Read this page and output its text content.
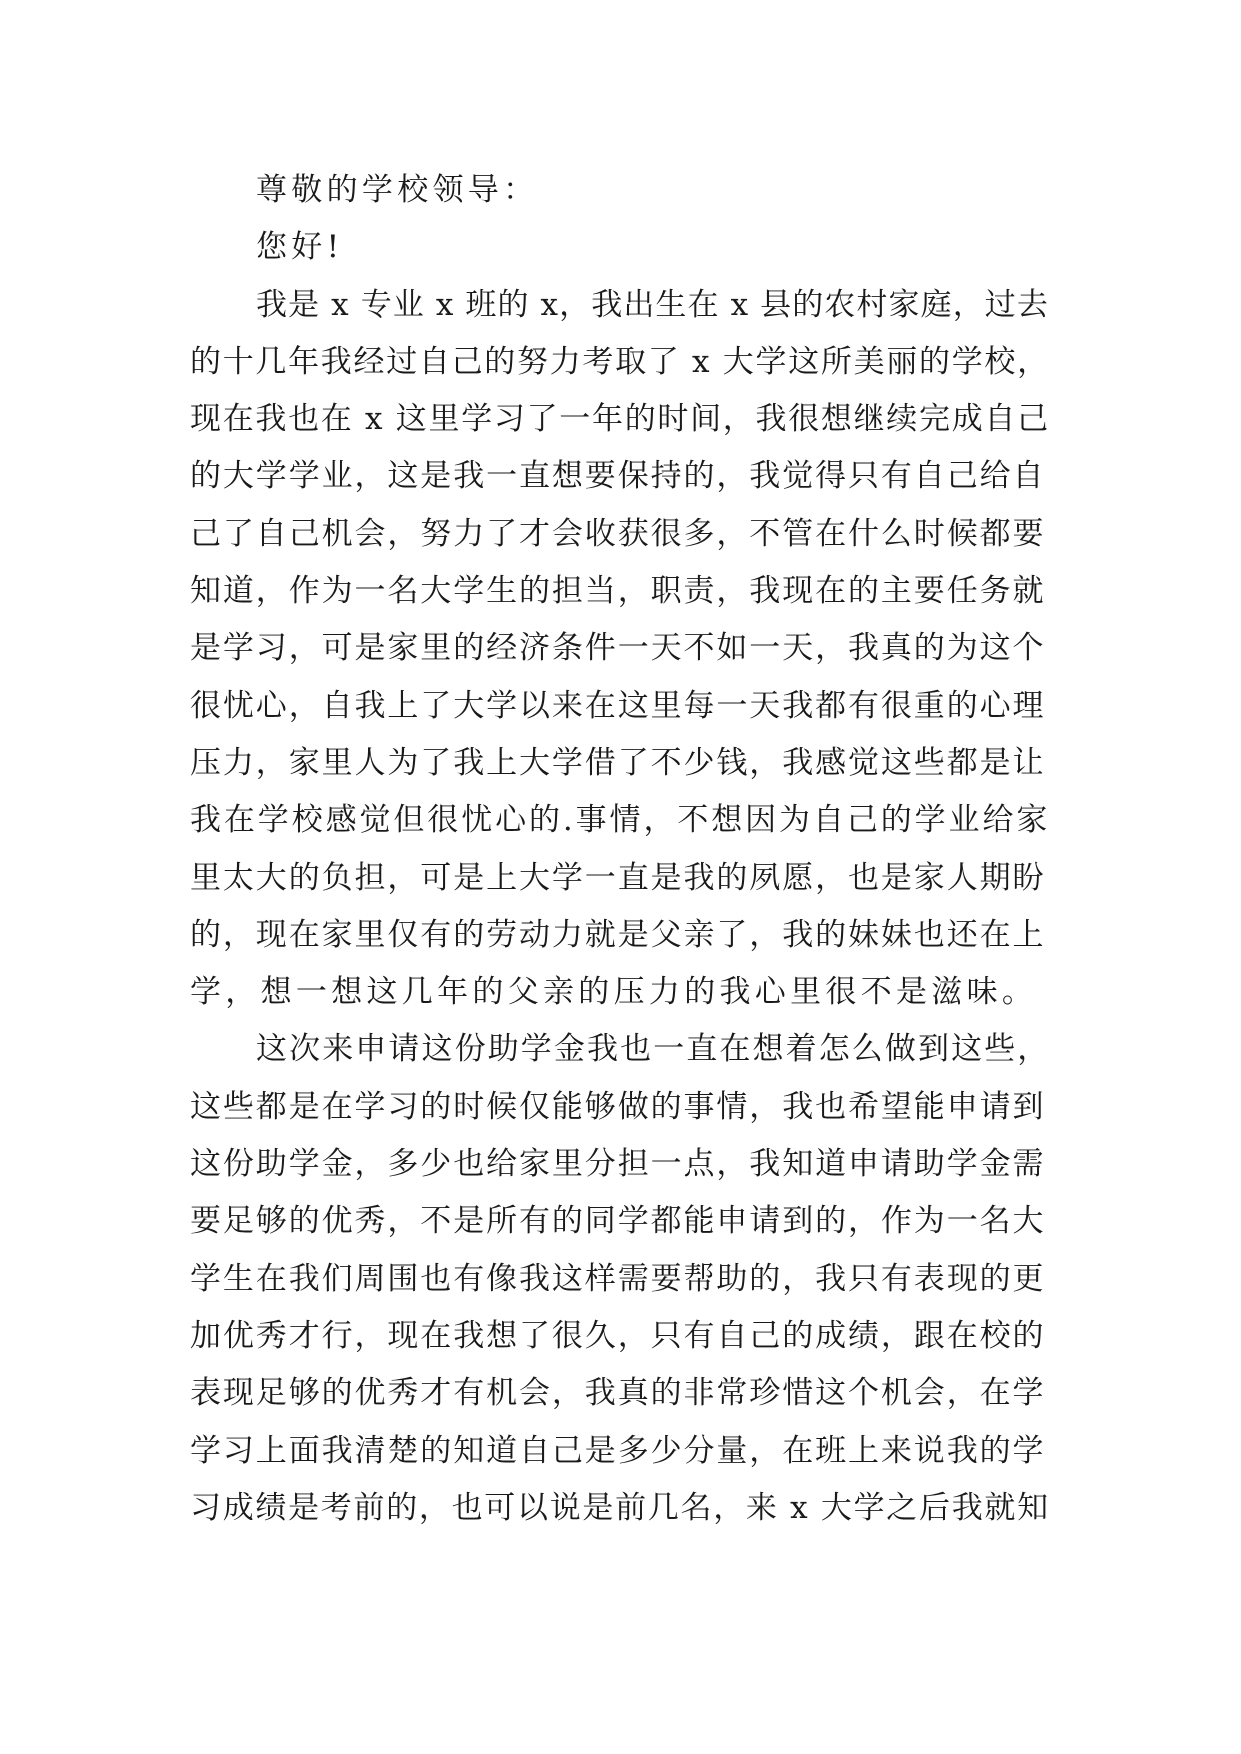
尊敬的学校领导：
您好!
我是 x 专业 x 班的 x，我出生在 x 县的农村家庭，过去
的十几年我经过自己的努力考取了 x 大学这所美丽的学校，
现在我也在 x 这里学习了一年的时间，我很想继续完成自己
的大学学业，这是我一直想要保持的，我觉得只有自己给自
己了自己机会，努力了才会收获很多，不管在什么时候都要
知道，作为一名大学生的担当，职责，我现在的主要任务就
是学习，可是家里的经济条件一天不如一天，我真的为这个
很忧心，自我上了大学以来在这里每一天我都有很重的心理
压力，家里人为了我上大学借了不少钱，我感觉这些都是让
我在学校感觉但很忧心的.事情，不想因为自己的学业给家
里太大的负担，可是上大学一直是我的夙愿，也是家人期盼
的，现在家里仅有的劳动力就是父亲了，我的妹妹也还在上
学，想一想这几年的父亲的压力的我心里很不是滋味。
这次来申请这份助学金我也一直在想着怎么做到这些，
这些都是在学习的时候仅能够做的事情，我也希望能申请到
这份助学金，多少也给家里分担一点，我知道申请助学金需
要足够的优秀，不是所有的同学都能申请到的，作为一名大
学生在我们周围也有像我这样需要帮助的，我只有表现的更
加优秀才行，现在我想了很久，只有自己的成绩，跟在校的
表现足够的优秀才有机会，我真的非常珍惜这个机会，在学
学习上面我清楚的知道自己是多少分量，在班上来说我的学
习成绩是考前的，也可以说是前几名，来 x 大学之后我就知
